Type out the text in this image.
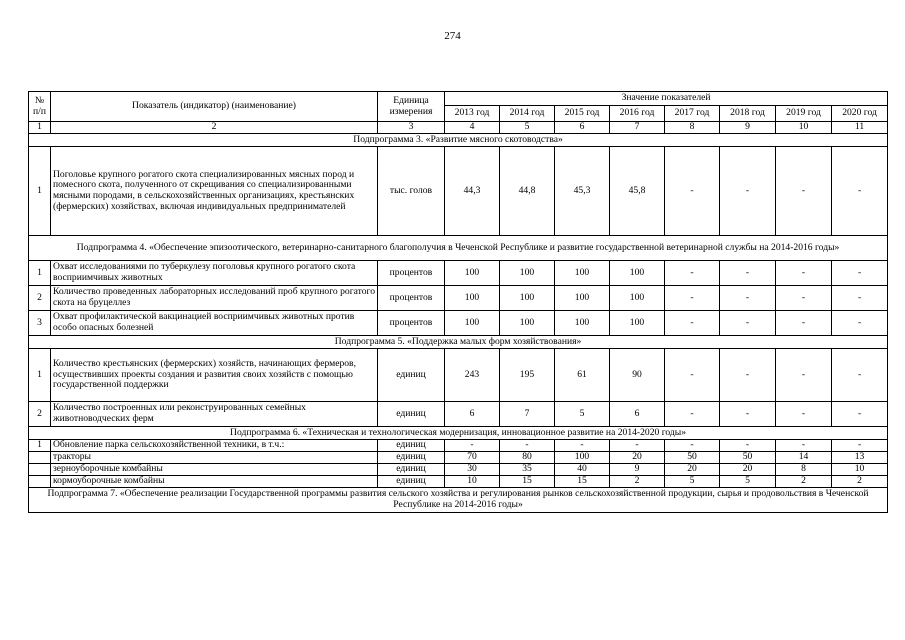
274
№ п/п	Показатель (индикатор) (наименование)	Единица измерения	Значение показателей							
			2013 год	2014 год	2015 год	2016 год	2017 год	2018 год	2019 год	2020 год
1	2	3	4	5	6	7	8	9	10	11
Подпрограмма 3. «Развитие мясного скотоводства»										
1	Поголовье крупного рогатого скота специализированных мясных пород и помесного скота, полученного от скрещивания со специализированными мясными породами, в сельскохозяйственных организациях, крестьянских (фермерских) хозяйствах, включая индивидуальных предпринимателей	тыс. голов	44,3	44,8	45,3	45,8	-	-	-	-
Подпрограмма 4. «Обеспечение эпизоотического, ветеринарно-санитарного благополучия в Чеченской Республике и развитие государственной ветеринарной службы на 2014-2016 годы»										
1	Охват исследованиями по туберкулезу поголовья крупного рогатого скота восприимчивых животных	процентов	100	100	100	100	-	-	-	-
2	Количество проведенных лабораторных исследований проб крупного рогатого скота на бруцеллез	процентов	100	100	100	100	-	-	-	-
3	Охват профилактической вакцинацией восприимчивых животных против особо опасных болезней	процентов	100	100	100	100	-	-	-	-
Подпрограмма 5. «Поддержка малых форм хозяйствования»										
1	Количество крестьянских (фермерских) хозяйств, начинающих фермеров, осуществивших проекты создания и развития своих хозяйств с помощью государственной поддержки	единиц	243	195	61	90	-	-	-	-
2	Количество построенных или реконструированных семейных животноводческих ферм	единиц	6	7	5	6	-	-	-	-
Подпрограмма 6. «Техническая и технологическая модернизация, инновационное развитие на 2014-2020 годы»										
1	Обновление парка сельскохозяйственной техники, в т.ч.:	единиц	-	-	-	-	-	-	-	-
	тракторы	единиц	70	80	100	20	50	50	14	13
	зерноуборочные комбайны	единиц	30	35	40	9	20	20	8	10
	кормоуборочные комбайны	единиц	10	15	15	2	5	5	2	2
Подпрограмма 7. «Обеспечение реализации Государственной программы развития сельского хозяйства и регулирования рынков сельскохозяйственной продукции, сырья и продовольствия в Чеченской Республике на 2014-2016 годы»										
